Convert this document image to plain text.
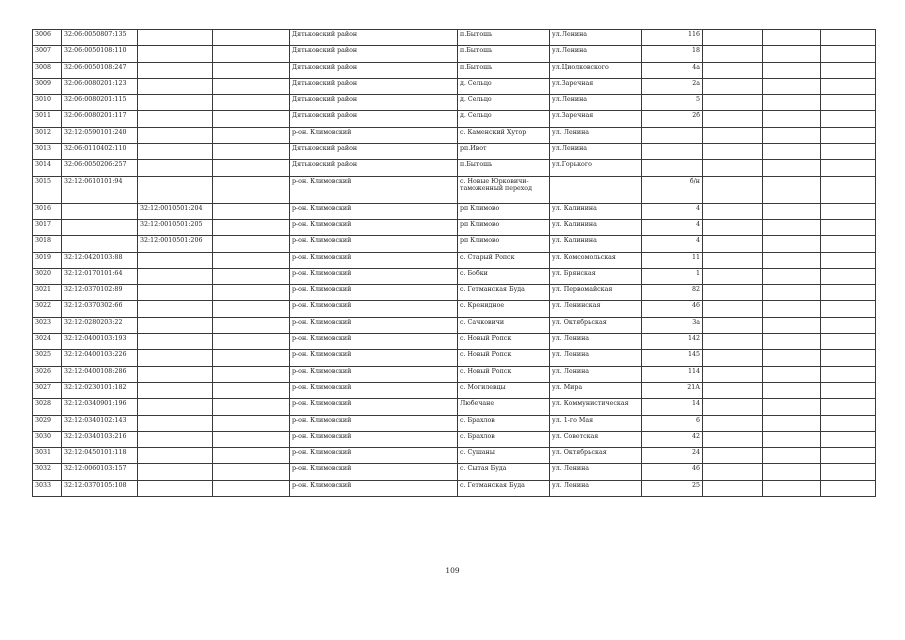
3006	32:06:0050807:135			Дятьковский район	п.Бытошь	ул.Ленина	116			
3007	32:06:0050108:110			Дятьковский район	п.Бытошь	ул.Ленина	18			
3008	32:06:0050108:247			Дятьковский район	п.Бытошь	ул.Циолковского	4а			
3009	32:06:0080201:123			Дятьковский район	д. Сельцо	ул.Заречная	2а			
3010	32:06:0080201:115			Дятьковский район	д. Сельцо	ул.Ленина	5			
3011	32:06:0080201:117			Дятьковский район	д. Сельцо	ул.Заречная	2б			
3012	32:12:0590101:240			р-он. Климовский	с. Каменский Хутор	ул. Ленина				
3013	32:06:0110402:110			Дятьковский район	рп.Ивот	ул.Ленина				
3014	32:06:0050206:257			Дятьковский район	п.Бытошь	ул.Горького				
3015	32:12:0610101:94			р-он. Климовский	с. Новые Юрковичи-таможенный переход		б/н			
3016		32:12:0010501:204		р-он. Климовский	рп Климово	ул. Калинина	4			
3017		32:12:0010501:205		р-он. Климовский	рп Климово	ул. Калинина	4			
3018		32:12:0010501:206		р-он. Климовский	рп Климово	ул. Калинина	4			
3019	32:12:0420103:88			р-он. Климовский	с. Старый Ропск	ул. Комсомольская	11			
3020	32:12:0170101:64			р-он. Климовский	с. Бобки	ул. Брянская	1			
3021	32:12:0370102:89			р-он. Климовский	с. Гетманская Буда	ул. Первомайская	82			
3022	32:12:0370302:66			р-он. Климовский	с. Кренидное	ул. Ленинская	46			
3023	32:12:0280203:22			р-он. Климовский	с. Сачковичи	ул. Октябрьская	3а			
3024	32:12:0400103:193			р-он. Климовский	с. Новый Ропск	ул. Ленина	142			
3025	32:12:0400103:226			р-он. Климовский	с. Новый Ропск	ул. Ленина	145			
3026	32:12:0400108:286			р-он. Климовский	с. Новый Ропск	ул. Ленина	114			
3027	32:12:0230101:182			р-он. Климовский	с. Могилевцы	ул. Мира	21А			
3028	32:12:0340901:196			р-он. Климовский	Любечане	ул. Коммунистическая	14			
3029	32:12:0340102:143			р-он. Климовский	с. Брахлов	ул. 1-го Мая	6			
3030	32:12:0340103:216			р-он. Климовский	с. Брахлов	ул. Советская	42			
3031	32:12:0450101:118			р-он. Климовский	с. Сушаны	ул. Октябрьская	24			
3032	32:12:0060103:157			р-он. Климовский	с. Сытая Буда	ул. Ленина	46			
3033	32:12:0370105:108			р-он. Климовский	с. Гетманская Буда	ул. Ленина	25			
109
